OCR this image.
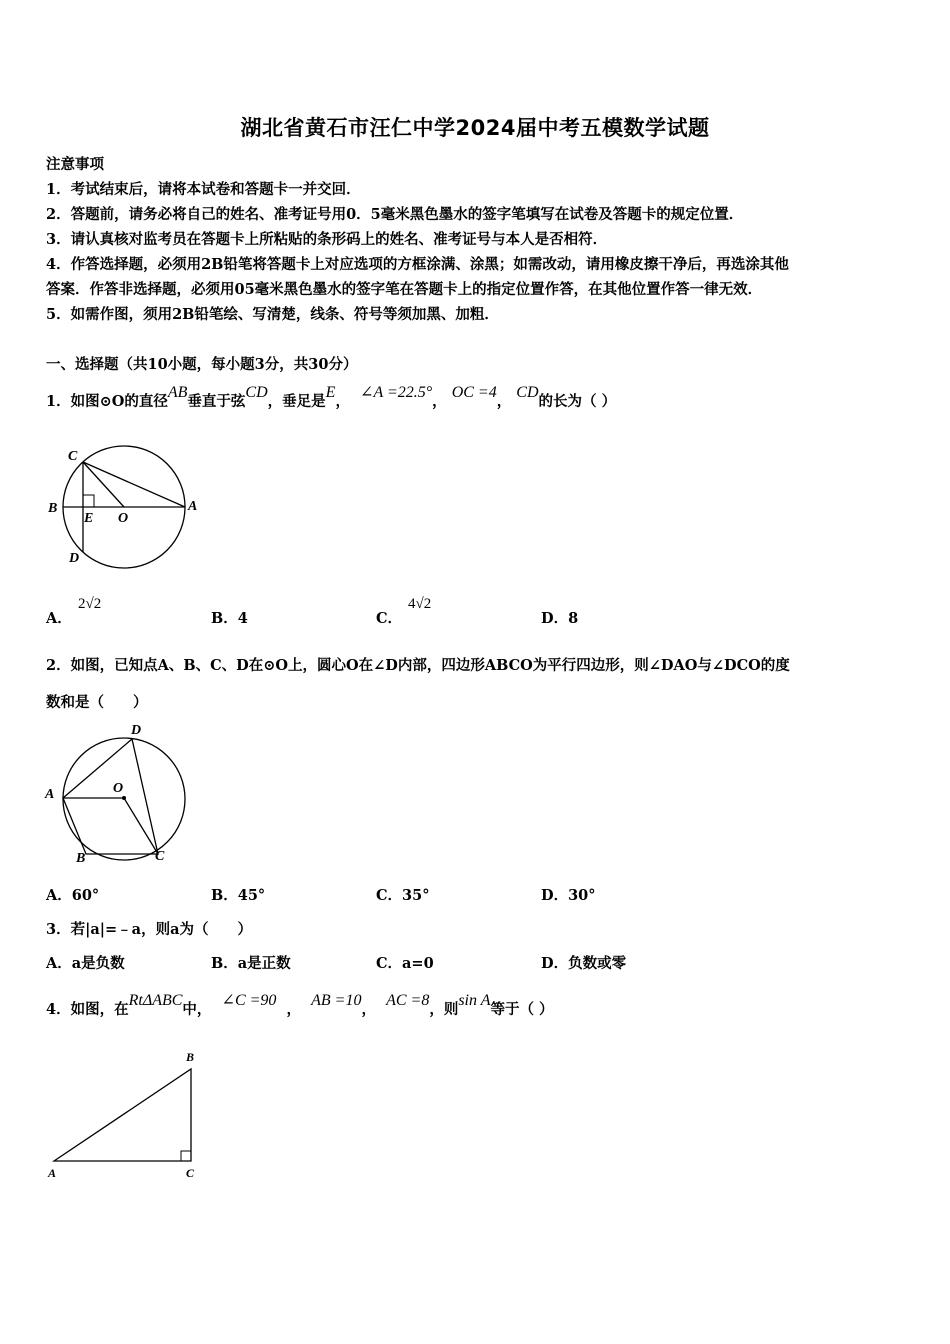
湖北省黄石市汪仁中学2024届中考五模数学试题
注意事项
1．考试结束后，请将本试卷和答题卡一并交回．
2．答题前，请务必将自己的姓名、准考证号用0．5毫米黑色墨水的签字笔填写在试卷及答题卡的规定位置．
3．请认真核对监考员在答题卡上所粘贴的条形码上的姓名、准考证号与本人是否相符．
4．作答选择题，必须用2B铅笔将答题卡上对应选项的方框涂满、涂黑；如需改动，请用橡皮擦干净后，再选涂其他
答案．作答非选择题，必须用05毫米黑色墨水的签字笔在答题卡上的指定位置作答，在其他位置作答一律无效．
5．如需作图，须用2B铅笔绘、写清楚，线条、符号等须加黑、加粗．
一、选择题（共10小题，每小题3分，共30分）
1．如图⊙O的直径AB垂直于弦CD，垂足是E，  ∠A =22.5°， OC =4， CD的长为（ ）
C
B
E O
A
D
A．
2√2
B．4	C．
4√2
D．8
2．如图，已知点A、B、C、D在⊙O上，圆心O在∠D内部，四边形ABCO为平行四边形，则∠DAO与∠DCO的度
数和是（　　）
D
A	O
B	C
A．60°	B．45°	C．35°	D．30°
3．若|a|=﹣a，则a为（　　）
A．a是负数	B．a是正数	C．a=0	D．负数或零
4．如图，在RtΔABC中，  ∠C =90  ，  AB =10，  AC =8，则sin A等于（ ）
B
A	C
